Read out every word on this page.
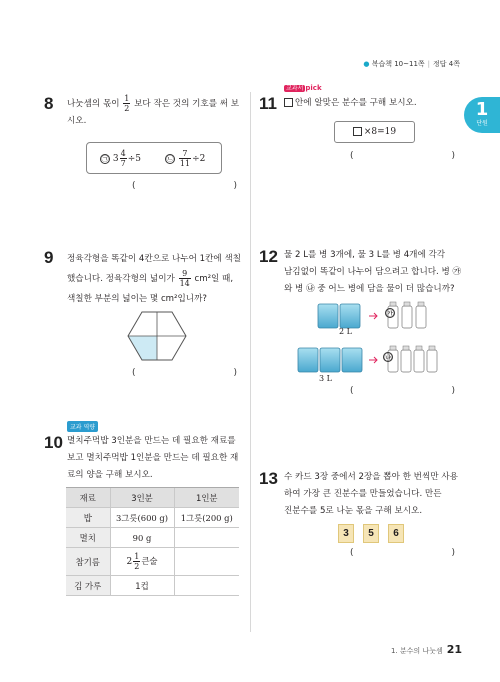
● 복습책 10~11쪽 | 정답 4쪽
1
단원
8 나눗셈의 몫이 $\frac{1}{2}$ 보다 작은 것의 기호를 써 보
시오.
㉠ $3 \frac{4}{7} \div 5$	㉡ $\frac{7}{11} \div 2$
(	)
9 정육각형을 똑같이 4칸으로 나누어 1칸에 색칠
했습니다. 정육각형의 넓이가 $\frac{9}{14} cm^2$일 때,
색칠한 부분의 넓이는 몇 cm²입니까?
(	)
교과 역량
10 멸치주먹밥 3인분을 만드는 데 필요한 재료를
보고 멸치주먹밥 1인분을 만드는 데 필요한 재
료의 양을 구해 보시오.
재료	3인분	1인분
밥	3그릇(600 g)	1그릇(200 g)
멸치	90 g	
참기름	$2 \frac{1}{2}$ 큰술	
김 가루	1컵	
교과서 pick
11	안에 알맞은 분수를 구해 보시오.
×8=19
(	)
12 물 2 L를 병 3개에, 물 3 L를 병 4개에 각각
남김없이 똑같이 나누어 담으려고 합니다. 병 ㉮
와 병 ㉯ 중 어느 병에 담을 물이 더 많습니까?
2 L
3 L
㉮
㉯
(	)
13 수 카드 3장 중에서 2장을 뽑아 한 번씩만 사용
하여 가장 큰 진분수를 만들었습니다. 만든
진분수를 5로 나눈 몫을 구해 보시오.
3	5	6
(	)
1. 분수의 나눗셈 21
